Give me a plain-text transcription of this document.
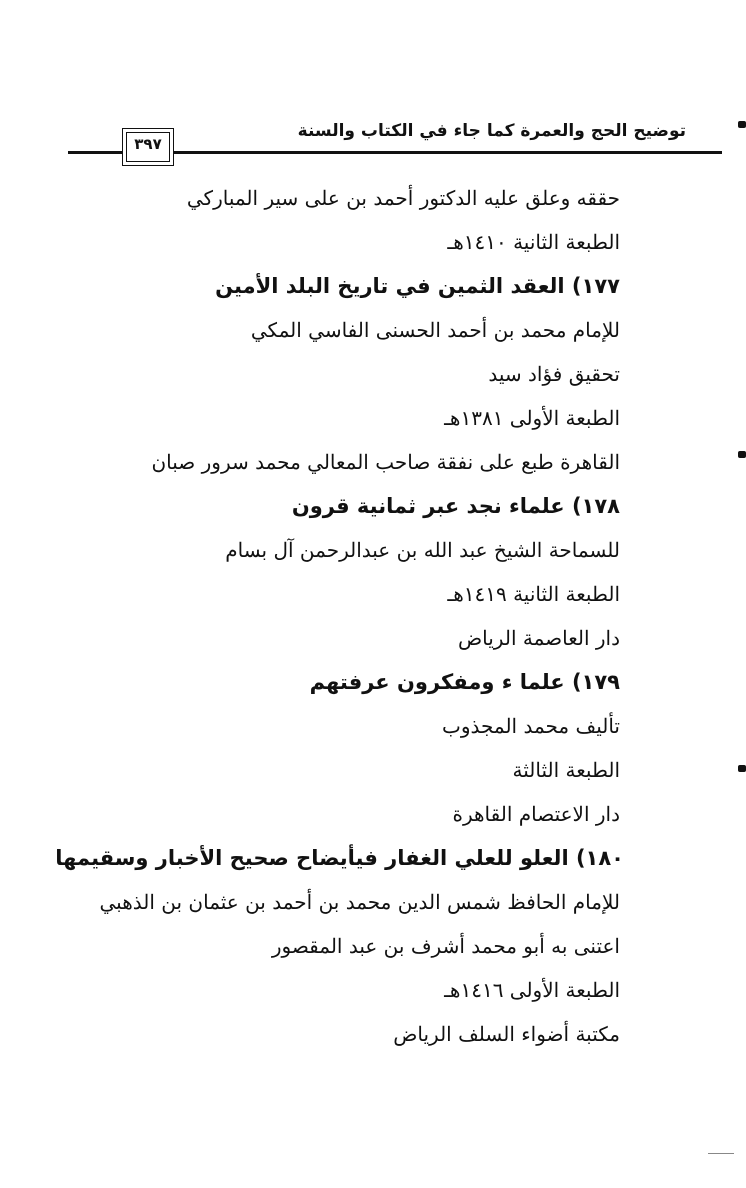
توضيح الحج والعمرة كما جاء في الكتاب والسنة
٣٩٧
حققه وعلق عليه الدكتور أحمد بن على سير المباركي
الطبعة الثانية ١٤١٠هـ
١٧٧) العقد الثمين في تاريخ البلد الأمين
للإمام محمد بن أحمد الحسنى الفاسي المكي
تحقيق فؤاد سيد
الطبعة الأولى ١٣٨١هـ
القاهرة طبع على نفقة صاحب المعالي محمد سرور صبان
١٧٨) علماء نجد عبر ثمانية قرون
للسماحة الشيخ عبد الله بن عبدالرحمن آل بسام
الطبعة الثانية ١٤١٩هـ
دار العاصمة الرياض
١٧٩) علما ء ومفكرون عرفتهم
تأليف محمد المجذوب
الطبعة الثالثة
دار الاعتصام القاهرة
١٨٠) العلو للعلي الغفار فيأيضاح صحيح الأخبار وسقيمها
للإمام الحافظ شمس الدين محمد بن أحمد بن عثمان بن الذهبي
اعتنى به أبو محمد أشرف بن عبد المقصور
الطبعة الأولى ١٤١٦هـ
مكتبة أضواء السلف الرياض
